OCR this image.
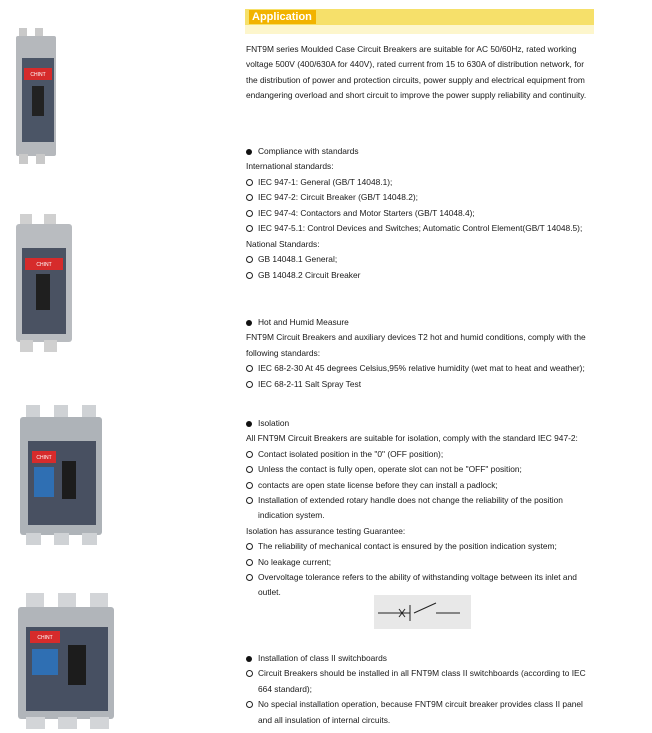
CHINT
CHINT
CHINT
CHINT
Application

FNT9M series Moulded Case Circuit Breakers are suitable for AC 50/60Hz, rated working voltage 500V (400/630A for 440V), rated current from 15 to 630A of distribution network, for the distribution of power and protection circuits, power supply and electrical equipment from endangering overload and short circuit to improve the power supply reliability and continuity.

Compliance with standards

International standards:

IEC 947-1: General (GB/T 14048.1);

IEC 947-2: Circuit Breaker (GB/T 14048.2);

IEC 947-4: Contactors and Motor Starters (GB/T 14048.4);

IEC 947-5.1: Control Devices and Switches; Automatic Control Element(GB/T 14048.5);

National Standards:

GB 14048.1 General;

GB 14048.2 Circuit Breaker

Hot and Humid Measure

FNT9M Circuit Breakers and auxiliary devices T2 hot and humid conditions, comply with the following standards:

IEC 68-2-30 At 45 degrees Celsius,95% relative humidity (wet mat to heat and weather);

IEC 68-2-11 Salt Spray Test

Isolation

All FNT9M Circuit Breakers are suitable for isolation, comply with the standard IEC 947-2:

Contact isolated position in the "0" (OFF position);

Unless the contact is fully open, operate slot can not be "OFF" position;

contacts are open state license before they can install a padlock;

Installation of extended rotary handle does not change the reliability of the position indication system.

Isolation has assurance testing Guarantee:

The reliability of mechanical contact is ensured by the position indication system;

No leakage current;

Overvoltage tolerance refers to the ability of withstanding voltage between its inlet and outlet.

Installation of class II switchboards

Circuit Breakers should be installed in all FNT9M class II switchboards (according to IEC 664 standard);

No special installation operation, because FNT9M circuit breaker provides class II panel and all insulation of internal circuits.
